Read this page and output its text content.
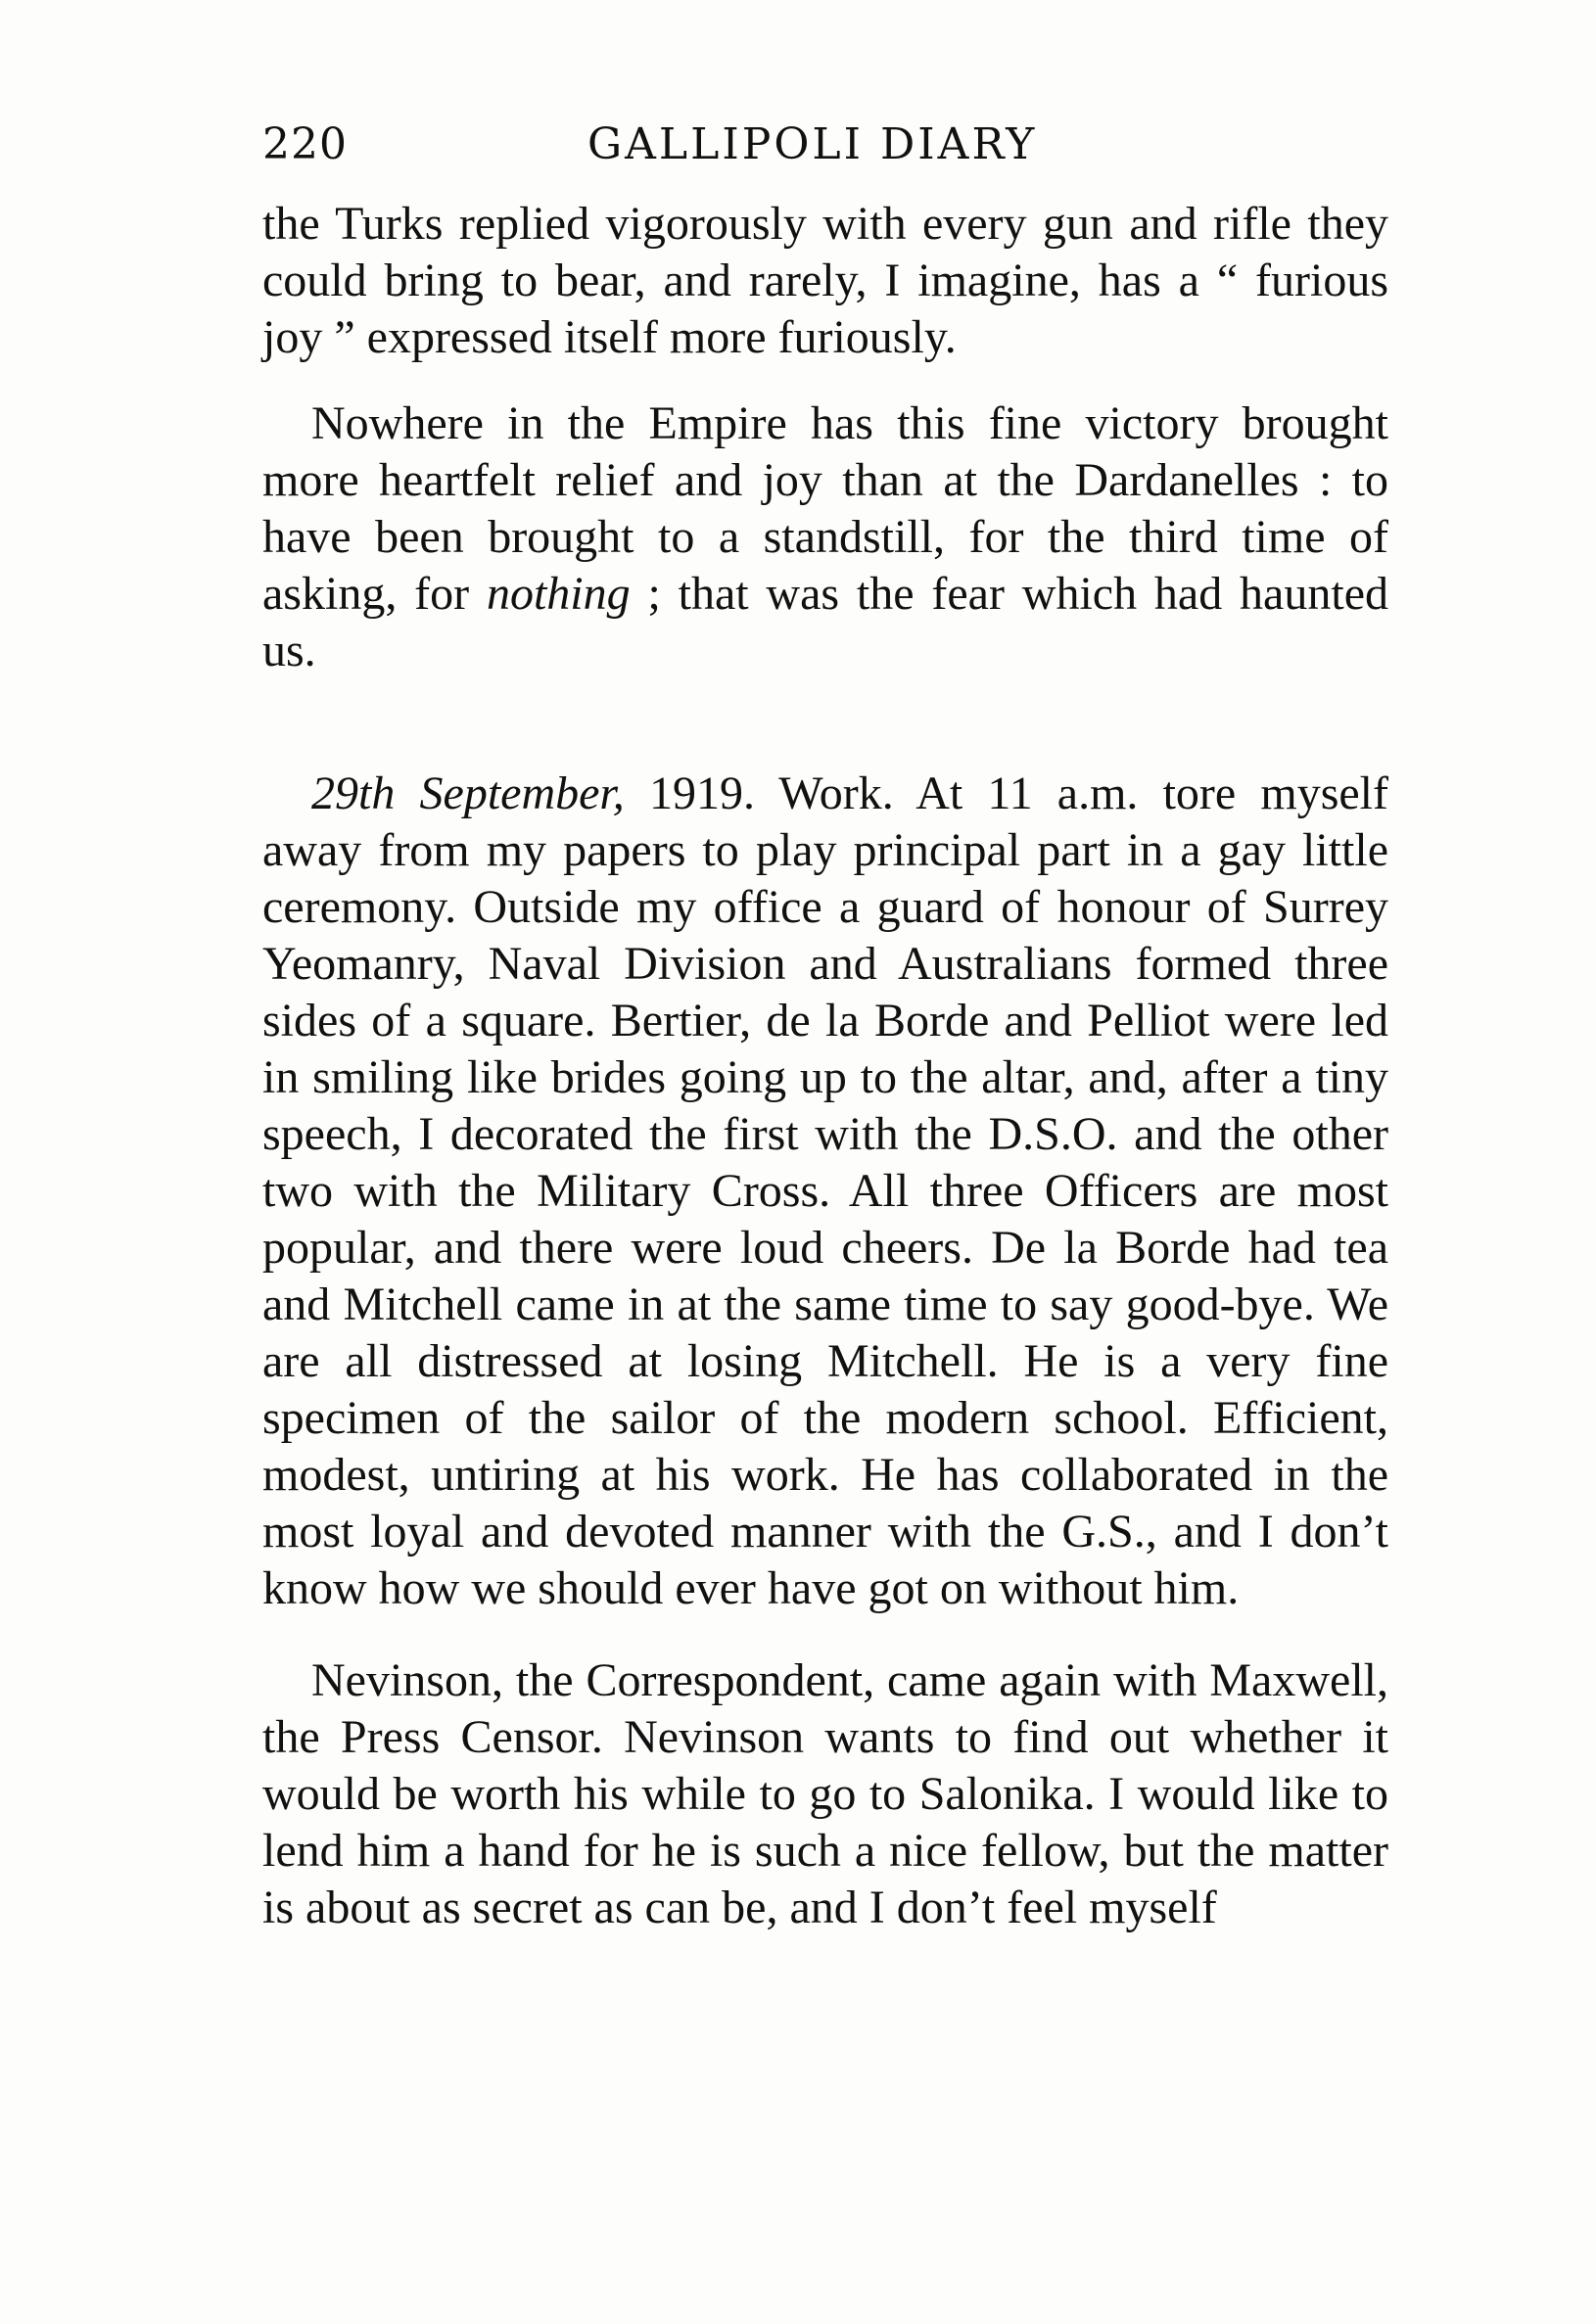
220	GALLIPOLI DIARY

the Turks replied vigorously with every gun and rifle they could bring to bear, and rarely, I imagine, has a “ furious joy ” expressed itself more furiously.

Nowhere in the Empire has this fine victory brought more heartfelt relief and joy than at the Dardanelles : to have been brought to a standstill, for the third time of asking, for nothing ; that was the fear which had haunted us.

29th September, 1919. Work. At 11 a.m. tore myself away from my papers to play principal part in a gay little ceremony. Outside my office a guard of honour of Surrey Yeomanry, Naval Division and Australians formed three sides of a square. Bertier, de la Borde and Pelliot were led in smiling like brides going up to the altar, and, after a tiny speech, I decorated the first with the D.S.O. and the other two with the Military Cross. All three Officers are most popular, and there were loud cheers. De la Borde had tea and Mitchell came in at the same time to say good-bye. We are all distressed at losing Mitchell. He is a very fine specimen of the sailor of the modern school. Efficient, modest, untiring at his work. He has collaborated in the most loyal and devoted manner with the G.S., and I don’t know how we should ever have got on without him.

Nevinson, the Correspondent, came again with Maxwell, the Press Censor. Nevinson wants to find out whether it would be worth his while to go to Salonika. I would like to lend him a hand for he is such a nice fellow, but the matter is about as secret as can be, and I don’t feel myself
